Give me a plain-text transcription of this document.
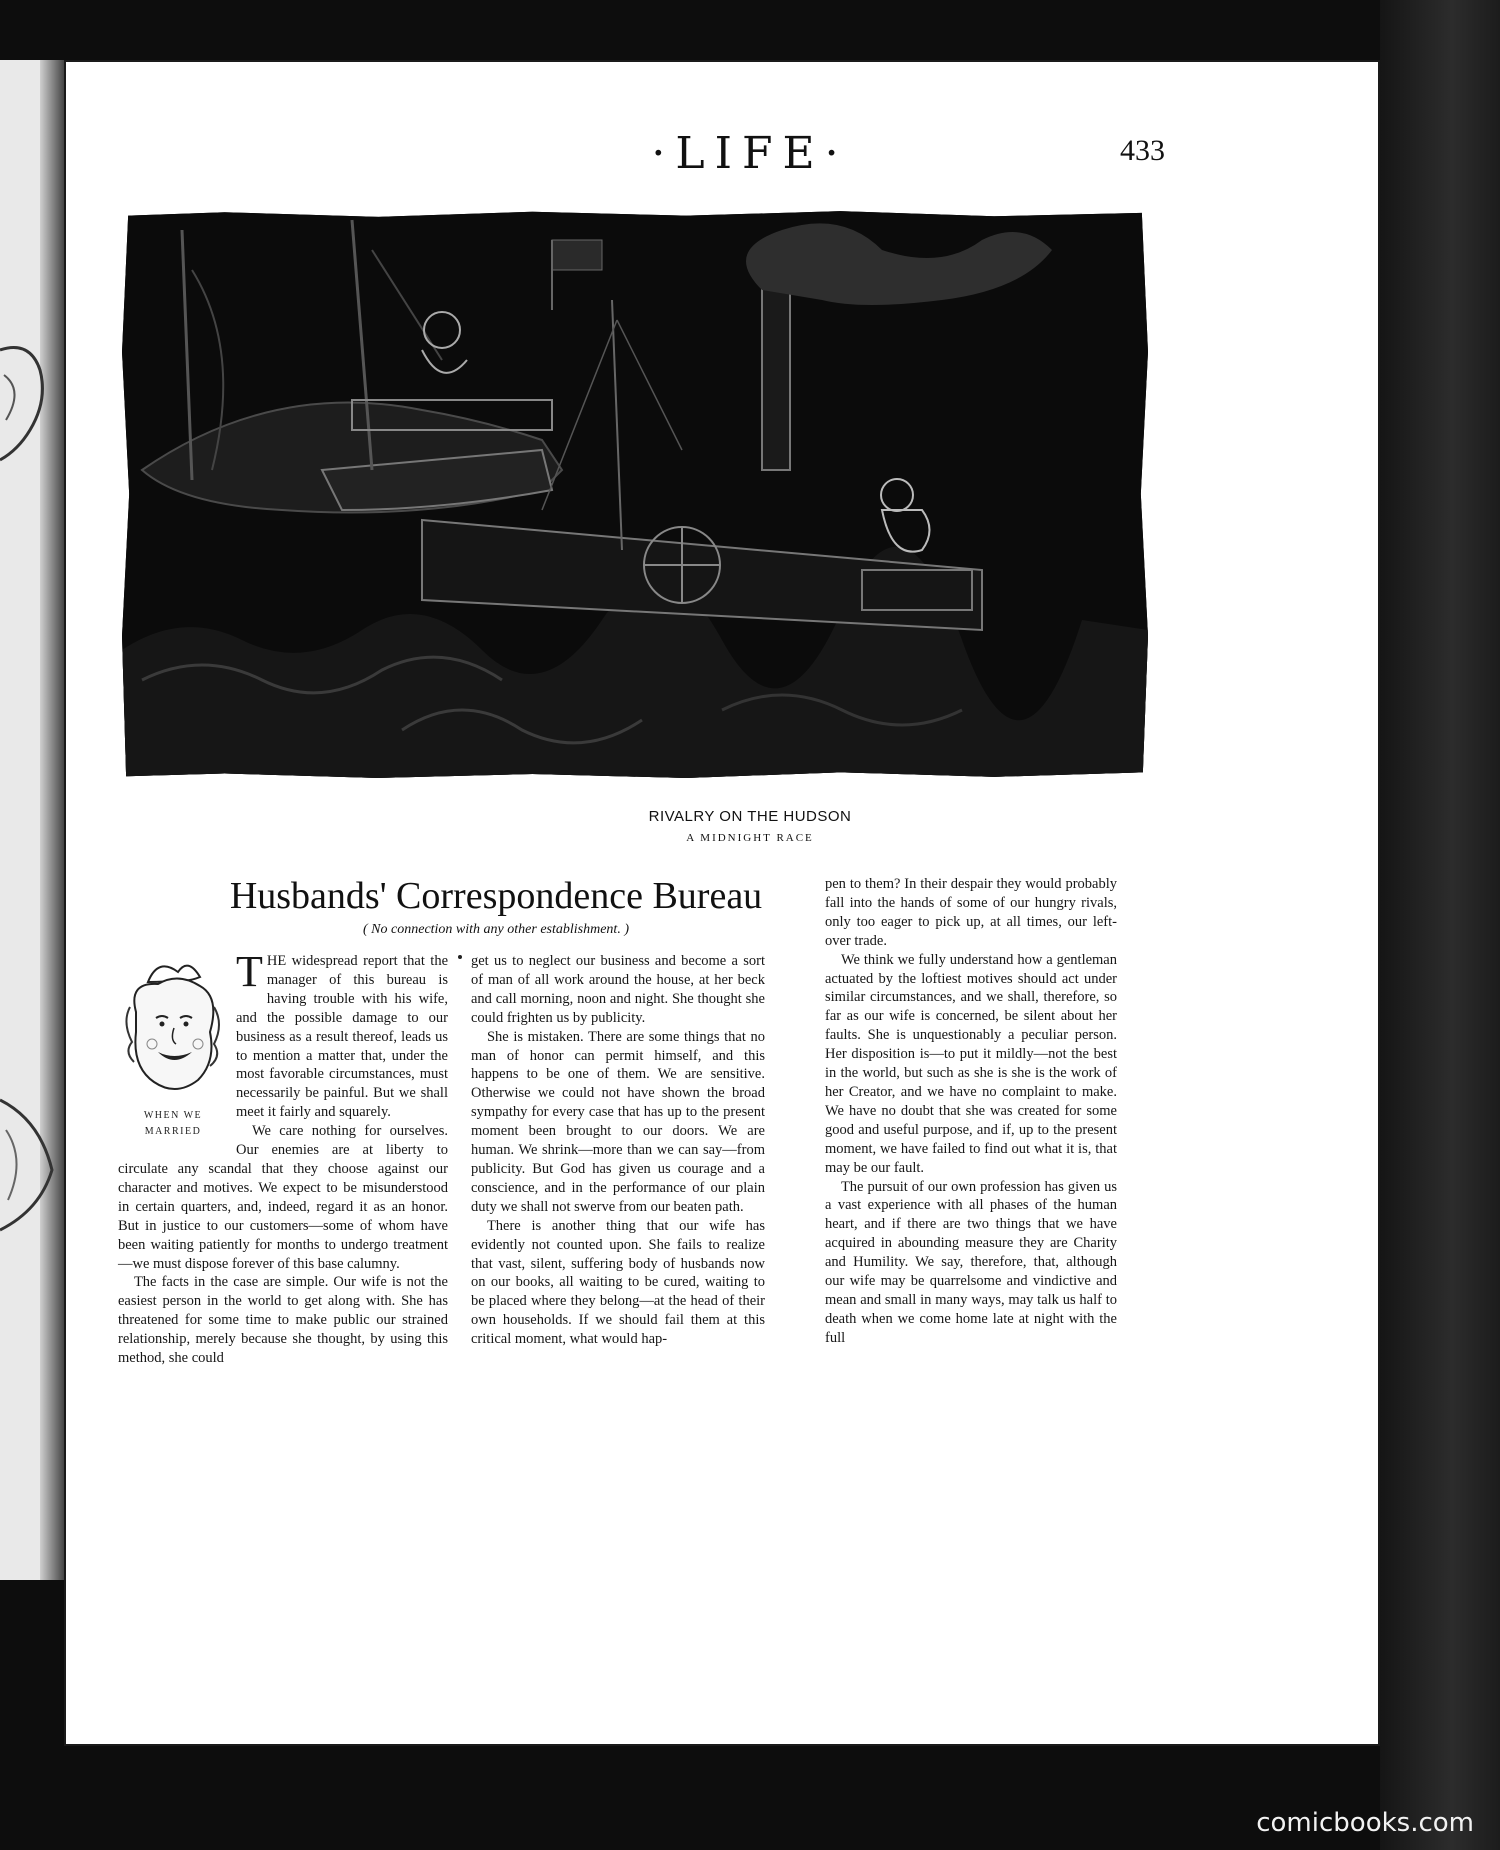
·LIFE·	433
RIVALRY ON THE HUDSON
A MIDNIGHT RACE
Husbands' Correspondence Bureau
( No connection with any other establishment. )
WHEN WE
MARRIED

THE widespread report that the manager of this bureau is having trouble with his wife, and the possible damage to our business as a result thereof, leads us to mention a matter that, under the most favorable circumstances, must necessarily be painful. But we shall meet it fairly and squarely.

We care nothing for ourselves. Our enemies are at liberty to circulate any scandal that they choose against our character and motives. We expect to be misunderstood in certain quarters, and, indeed, regard it as an honor. But in justice to our customers—some of whom have been waiting patiently for months to undergo treatment—we must dispose forever of this base calumny.

The facts in the case are simple. Our wife is not the easiest person in the world to get along with. She has threatened for some time to make public our strained relationship, merely because she thought, by using this method, she could

get us to neglect our business and become a sort of man of all work around the house, at her beck and call morning, noon and night. She thought she could frighten us by publicity.

She is mistaken. There are some things that no man of honor can permit himself, and this happens to be one of them. We are sensitive. Otherwise we could not have shown the broad sympathy for every case that has up to the present moment been brought to our doors. We are human. We shrink—more than we can say—from publicity. But God has given us courage and a conscience, and in the performance of our plain duty we shall not swerve from our beaten path.

There is another thing that our wife has evidently not counted upon. She fails to realize that vast, silent, suffering body of husbands now on our books, all waiting to be cured, waiting to be placed where they belong—at the head of their own households. If we should fail them at this critical moment, what would hap-

pen to them? In their despair they would probably fall into the hands of some of our hungry rivals, only too eager to pick up, at all times, our left-over trade.

We think we fully understand how a gentleman actuated by the loftiest motives should act under similar circumstances, and we shall, therefore, so far as our wife is concerned, be silent about her faults. She is unquestionably a peculiar person. Her disposition is—to put it mildly—not the best in the world, but such as she is she is the work of her Creator, and we have no complaint to make. We have no doubt that she was created for some good and useful purpose, and if, up to the present moment, we have failed to find out what it is, that may be our fault.

The pursuit of our own profession has given us a vast experience with all phases of the human heart, and if there are two things that we have acquired in abounding measure they are Charity and Humility. We say, therefore, that, although our wife may be quarrelsome and vindictive and mean and small in many ways, may talk us half to death when we come home late at night with the full

comicbooks.com
